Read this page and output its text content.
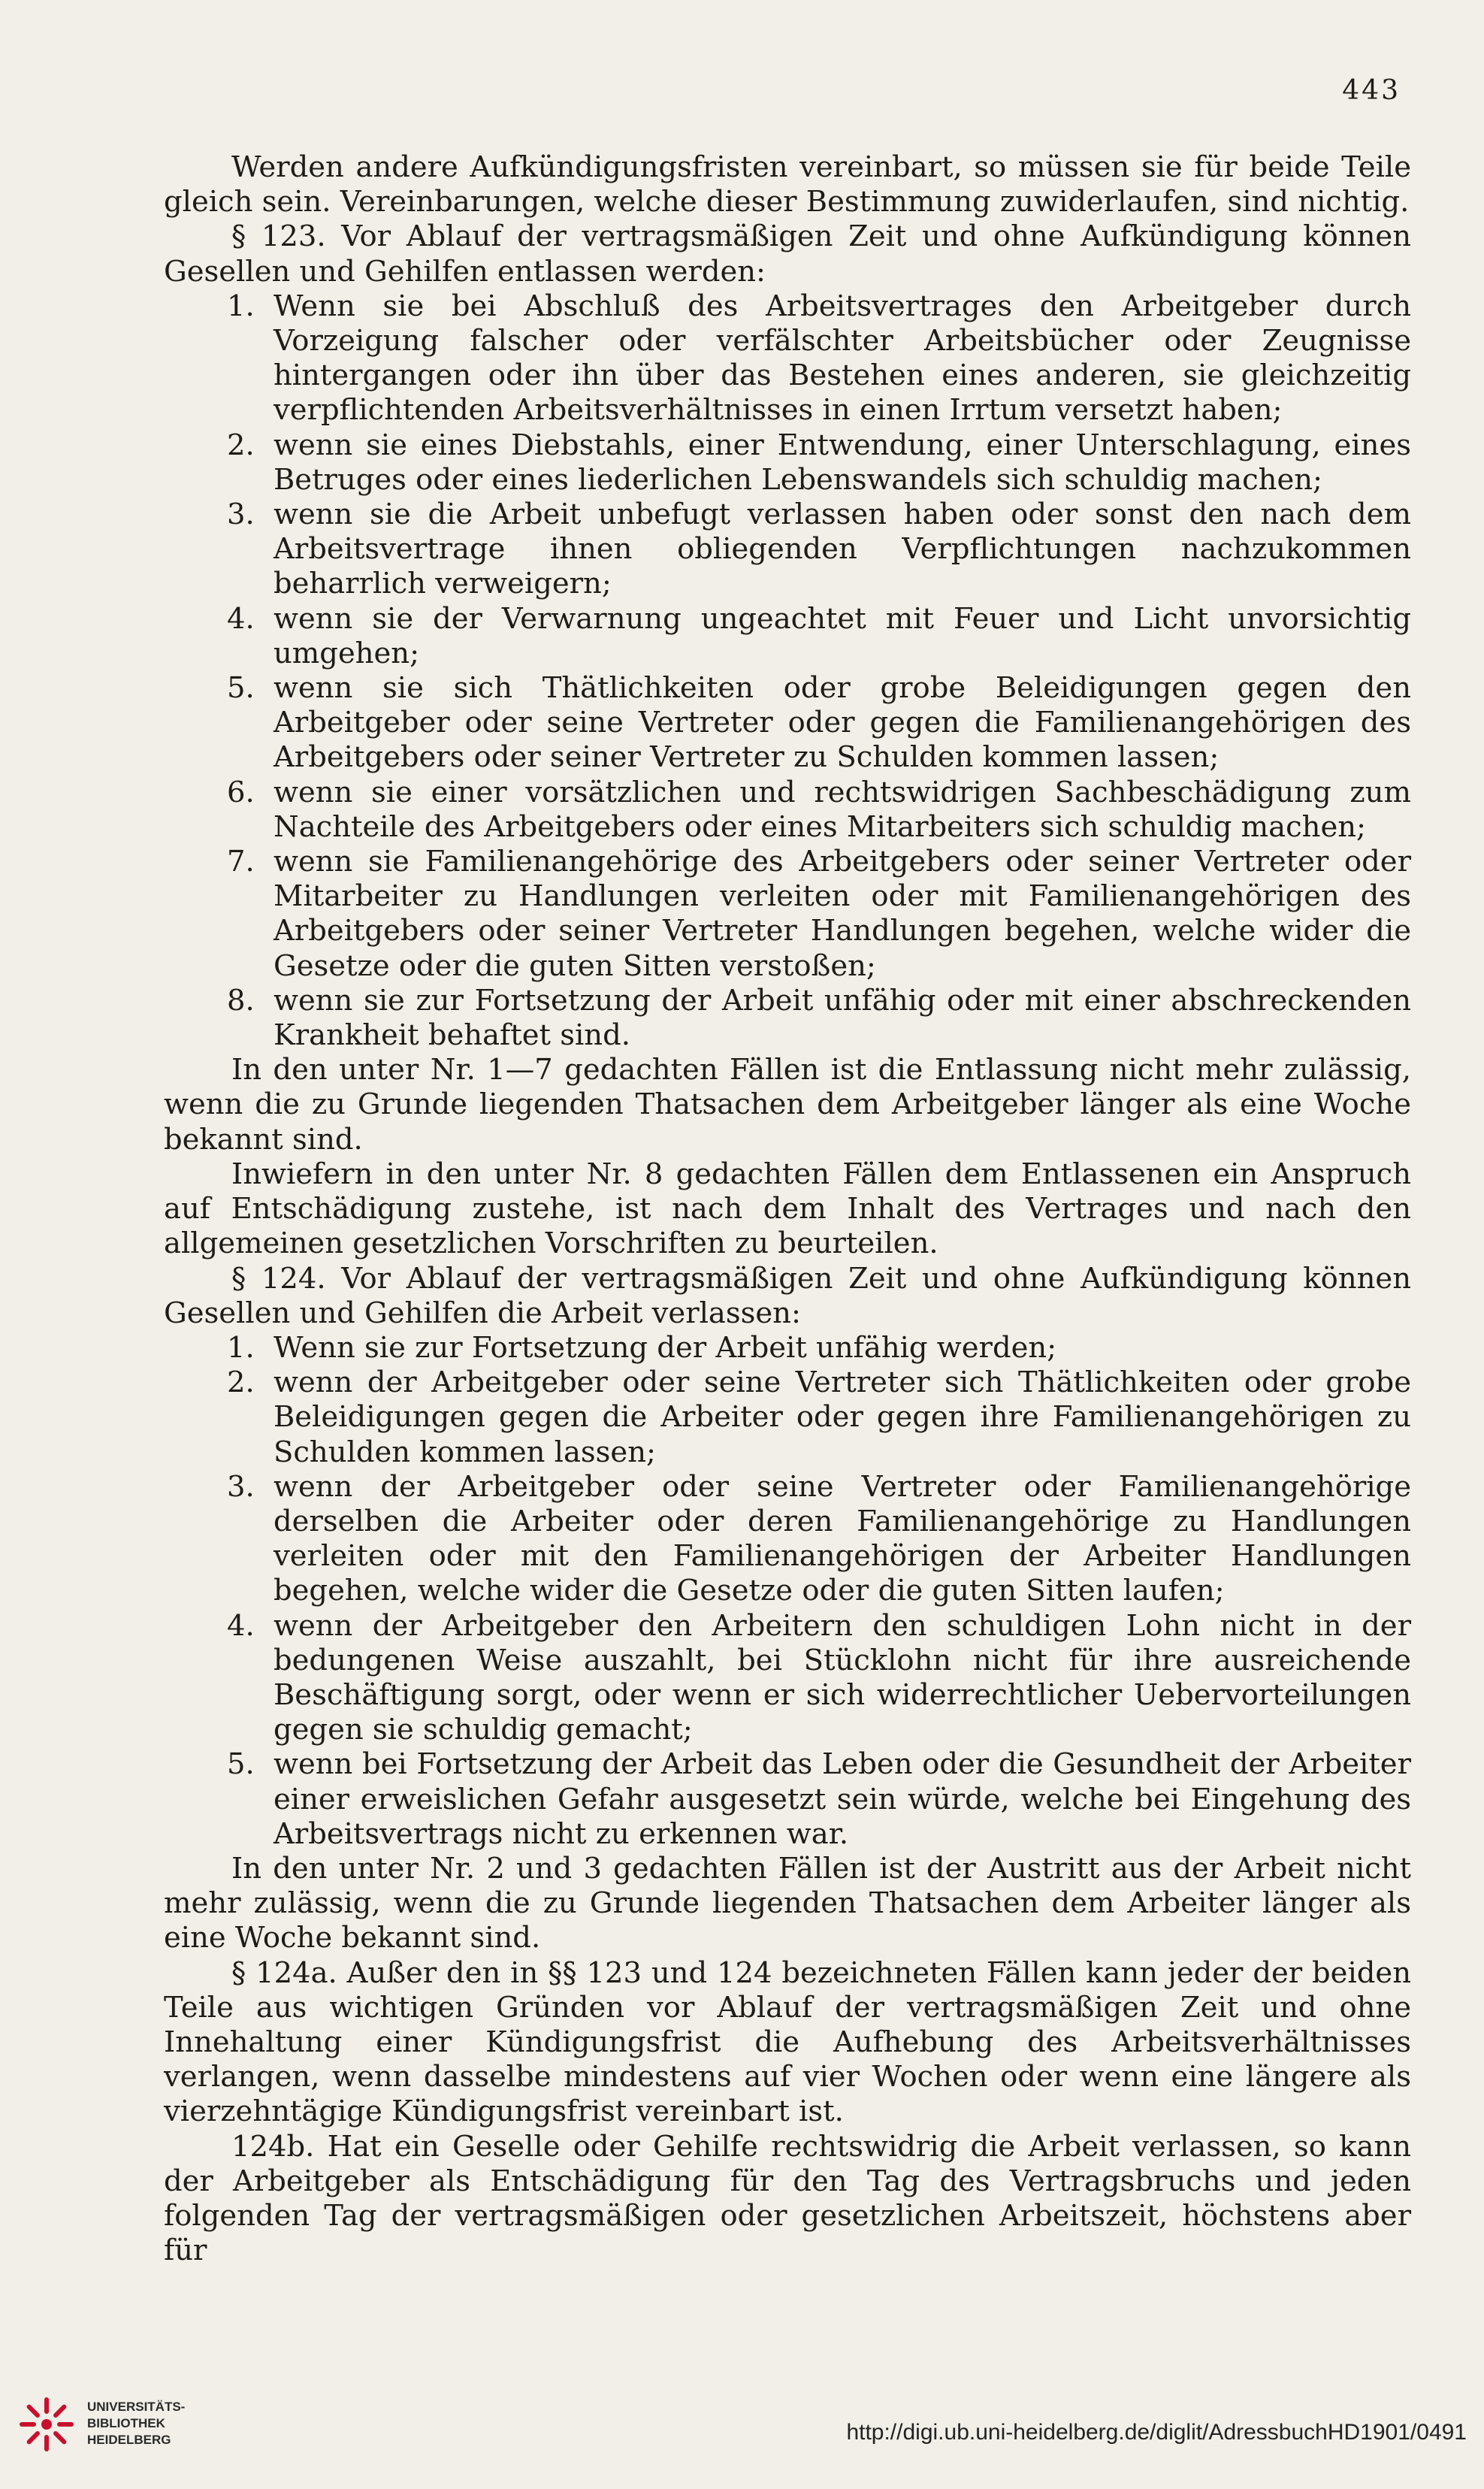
443

Werden andere Aufkündigungsfristen vereinbart, so müssen sie für beide Teile gleich sein. Vereinbarungen, welche dieser Bestimmung zuwiderlaufen, sind nichtig.

§ 123. Vor Ablauf der vertragsmäßigen Zeit und ohne Aufkündigung können Gesellen und Gehilfen entlassen werden:

1. Wenn sie bei Abschluß des Arbeitsvertrages den Arbeitgeber durch Vorzeigung falscher oder verfälschter Arbeitsbücher oder Zeugnisse hintergangen oder ihn über das Bestehen eines anderen, sie gleichzeitig verpflichtenden Arbeitsverhältnisses in einen Irrtum versetzt haben;

2. wenn sie eines Diebstahls, einer Entwendung, einer Unterschlagung, eines Betruges oder eines liederlichen Lebenswandels sich schuldig machen;

3. wenn sie die Arbeit unbefugt verlassen haben oder sonst den nach dem Arbeitsvertrage ihnen obliegenden Verpflichtungen nachzukommen beharrlich verweigern;

4. wenn sie der Verwarnung ungeachtet mit Feuer und Licht unvorsichtig umgehen;

5. wenn sie sich Thätlichkeiten oder grobe Beleidigungen gegen den Arbeitgeber oder seine Vertreter oder gegen die Familienangehörigen des Arbeitgebers oder seiner Vertreter zu Schulden kommen lassen;

6. wenn sie einer vorsätzlichen und rechtswidrigen Sachbeschädigung zum Nachteile des Arbeitgebers oder eines Mitarbeiters sich schuldig machen;

7. wenn sie Familienangehörige des Arbeitgebers oder seiner Vertreter oder Mitarbeiter zu Handlungen verleiten oder mit Familienangehörigen des Arbeitgebers oder seiner Vertreter Handlungen begehen, welche wider die Gesetze oder die guten Sitten verstoßen;

8. wenn sie zur Fortsetzung der Arbeit unfähig oder mit einer abschreckenden Krankheit behaftet sind.

In den unter Nr. 1—7 gedachten Fällen ist die Entlassung nicht mehr zulässig, wenn die zu Grunde liegenden Thatsachen dem Arbeitgeber länger als eine Woche bekannt sind.

Inwiefern in den unter Nr. 8 gedachten Fällen dem Entlassenen ein Anspruch auf Entschädigung zustehe, ist nach dem Inhalt des Vertrages und nach den allgemeinen gesetzlichen Vorschriften zu beurteilen.

§ 124. Vor Ablauf der vertragsmäßigen Zeit und ohne Aufkündigung können Gesellen und Gehilfen die Arbeit verlassen:

1. Wenn sie zur Fortsetzung der Arbeit unfähig werden;

2. wenn der Arbeitgeber oder seine Vertreter sich Thätlichkeiten oder grobe Beleidigungen gegen die Arbeiter oder gegen ihre Familienangehörigen zu Schulden kommen lassen;

3. wenn der Arbeitgeber oder seine Vertreter oder Familienangehörige derselben die Arbeiter oder deren Familienangehörige zu Handlungen verleiten oder mit den Familienangehörigen der Arbeiter Handlungen begehen, welche wider die Gesetze oder die guten Sitten laufen;

4. wenn der Arbeitgeber den Arbeitern den schuldigen Lohn nicht in der bedungenen Weise auszahlt, bei Stücklohn nicht für ihre ausreichende Beschäftigung sorgt, oder wenn er sich widerrechtlicher Uebervorteilungen gegen sie schuldig gemacht;

5. wenn bei Fortsetzung der Arbeit das Leben oder die Gesundheit der Arbeiter einer erweislichen Gefahr ausgesetzt sein würde, welche bei Eingehung des Arbeitsvertrags nicht zu erkennen war.

In den unter Nr. 2 und 3 gedachten Fällen ist der Austritt aus der Arbeit nicht mehr zulässig, wenn die zu Grunde liegenden Thatsachen dem Arbeiter länger als eine Woche bekannt sind.

§ 124a. Außer den in §§ 123 und 124 bezeichneten Fällen kann jeder der beiden Teile aus wichtigen Gründen vor Ablauf der vertragsmäßigen Zeit und ohne Innehaltung einer Kündigungsfrist die Aufhebung des Arbeitsverhältnisses verlangen, wenn dasselbe mindestens auf vier Wochen oder wenn eine längere als vierzehntägige Kündigungsfrist vereinbart ist.

124b. Hat ein Geselle oder Gehilfe rechtswidrig die Arbeit verlassen, so kann der Arbeitgeber als Entschädigung für den Tag des Vertragsbruchs und jeden folgenden Tag der vertragsmäßigen oder gesetzlichen Arbeitszeit, höchstens aber für

UNIVERSITÄTS-
BIBLIOTHEK
HEIDELBERG	http://digi.ub.uni-heidelberg.de/diglit/AdressbuchHD1901/0491
